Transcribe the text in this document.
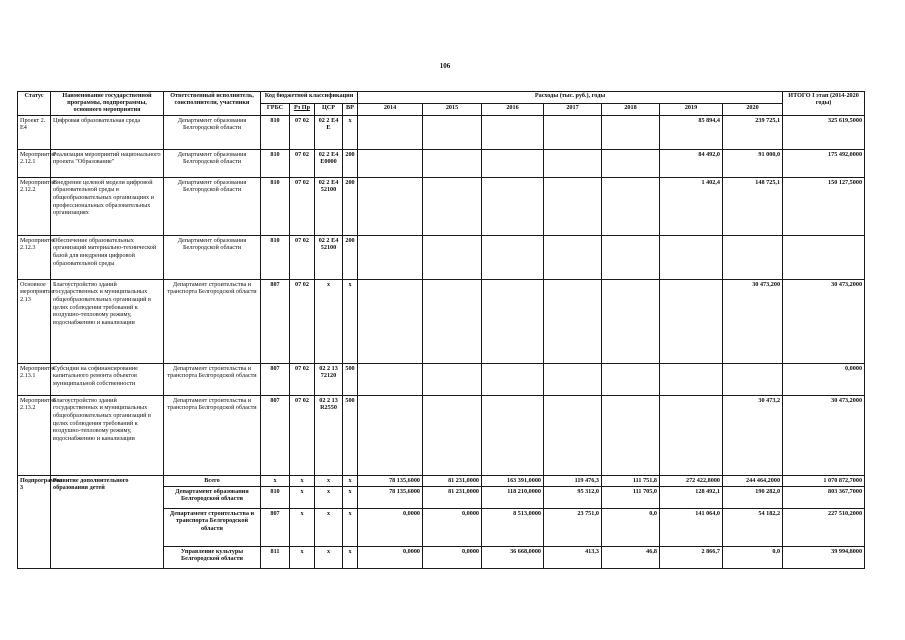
106
Статус	Наименование государственной программы, подпрограммы, основного мероприятия	Ответственный исполнитель, соисполнители, участники	Код бюджетной классификации				Расходы (тыс. руб.), годы							ИТОГО I этап (2014-2020 годы)
			ГРБС	Рз Пр	ЦСР	ВР	2014	2015	2016	2017	2018	2019	2020	
Проект 2. Е4	Цифровая образовательная среда	Департамент образования Белгородской области	810	07 02	02 2 Е4 Е	х						85 894,4	239 725,1	325 619,5000
Мероприятие 2.12.1	Реализация мероприятий национального проекта "Образование"	Департамент образования Белгородской области	810	07 02	02 2 Е4 Е0000	200						84 492,0	91 000,0	175 492,0000
Мероприятие 2.12.2	Внедрение целевой модели цифровой образовательной среды в общеобразовательных организациях и профессиональных образовательных организациях	Департамент образования Белгородской области	810	07 02	02 2 Е4 52100	200						1 402,4	148 725,1	150 127,5000
Мероприятие 2.12.3	Обеспечение образовательных организаций материально-технической базой для внедрения цифровой образовательной среды	Департамент образования Белгородской области	810	07 02	02 2 Е4 52100	200								
Основное мероприятие 2.13	Благоустройство зданий государственных и муниципальных общеобразовательных организаций в целях соблюдения требований к воздушно-тепловому режиму, водоснабжению и канализации	Департамент строительства и транспорта Белгородской области	807	07 02	х	х							30 473,200	30 473,2000
Мероприятие 2.13.1	Субсидии на софинансирование капитального ремонта объектов муниципальной собственности	Департамент строительства и транспорта Белгородской области	807	07 02	02 2 13 72120	500								0,0000
Мероприятие 2.13.2	Благоустройство зданий государственных и муниципальных общеобразовательных организаций в целях соблюдения требований к воздушно-тепловому режиму, водоснабжению и канализации	Департамент строительства и транспорта Белгородской области	807	07 02	02 2 13 R2550	500							30 473,2	30 473,2000
Подпрограмма 3	Развитие дополнительного образования детей	Всего	х	х	х	х	78 135,6000	81 231,0000	163 391,0000	119 476,3	111 751,8	272 422,8000	244 464,2000	1 070 872,7000
		Департамент образования Белгородской области	810	х	х	х	78 135,6000	81 231,0000	118 210,0000	95 312,0	111 705,0	128 492,1	190 282,0	803 367,7000
		Департамент строительства и транспорта Белгородской области	807	х	х	х	0,0000	0,0000	8 513,0000	23 751,0	0,0	141 064,0	54 182,2	227 510,2000
		Управление культуры Белгородской области	811	х	х	х	0,0000	0,0000	36 668,0000	413,3	46,8	2 866,7	0,0	39 994,8000
